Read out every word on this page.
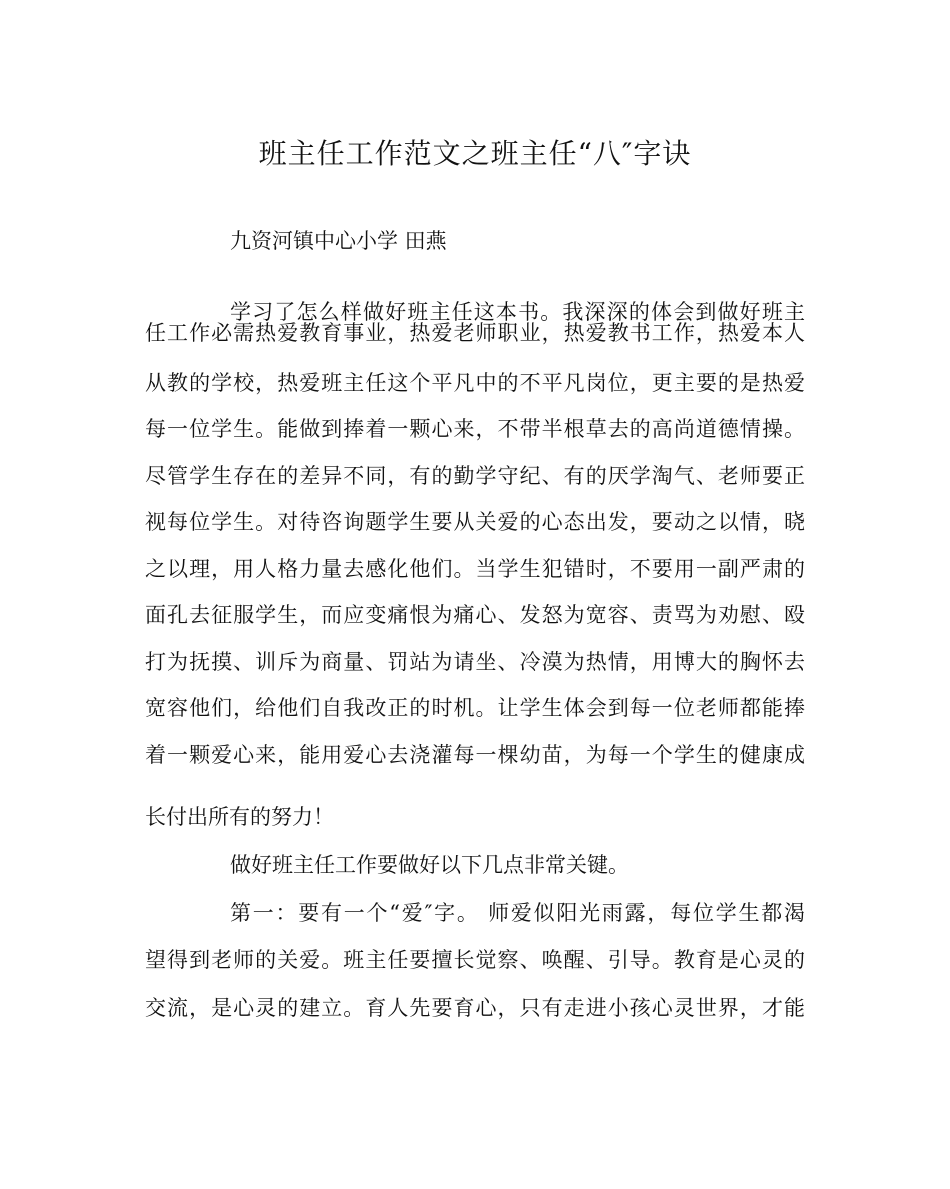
班主任工作范文之班主任“八″字诀

九资河镇中心小学 田燕

学习了怎么样做好班主任这本书。我深深的体会到做好班主

任工作必需热爱教育事业，热爱老师职业，热爱教书工作，热爱本人

从教的学校，热爱班主任这个平凡中的不平凡岗位，更主要的是热爱

每一位学生。能做到捧着一颗心来，不带半根草去的高尚道德情操。

尽管学生存在的差异不同，有的勤学守纪、有的厌学淘气、老师要正

视每位学生。对待咨询题学生要从关爱的心态出发，要动之以情，晓

之以理，用人格力量去感化他们。当学生犯错时，不要用一副严肃的

面孔去征服学生，而应变痛恨为痛心、发怒为宽容、责骂为劝慰、殴

打为抚摸、训斥为商量、罚站为请坐、冷漠为热情，用博大的胸怀去

宽容他们，给他们自我改正的时机。让学生体会到每一位老师都能捧

着一颗爱心来，能用爱心去浇灌每一棵幼苗，为每一个学生的健康成

长付出所有的努力！

做好班主任工作要做好以下几点非常关键。

第一：要有一个“爱″字。 师爱似阳光雨露，每位学生都渴

望得到老师的关爱。班主任要擅长觉察、唤醒、引导。教育是心灵的

交流，是心灵的建立。育人先要育心，只有走进小孩心灵世界，才能
